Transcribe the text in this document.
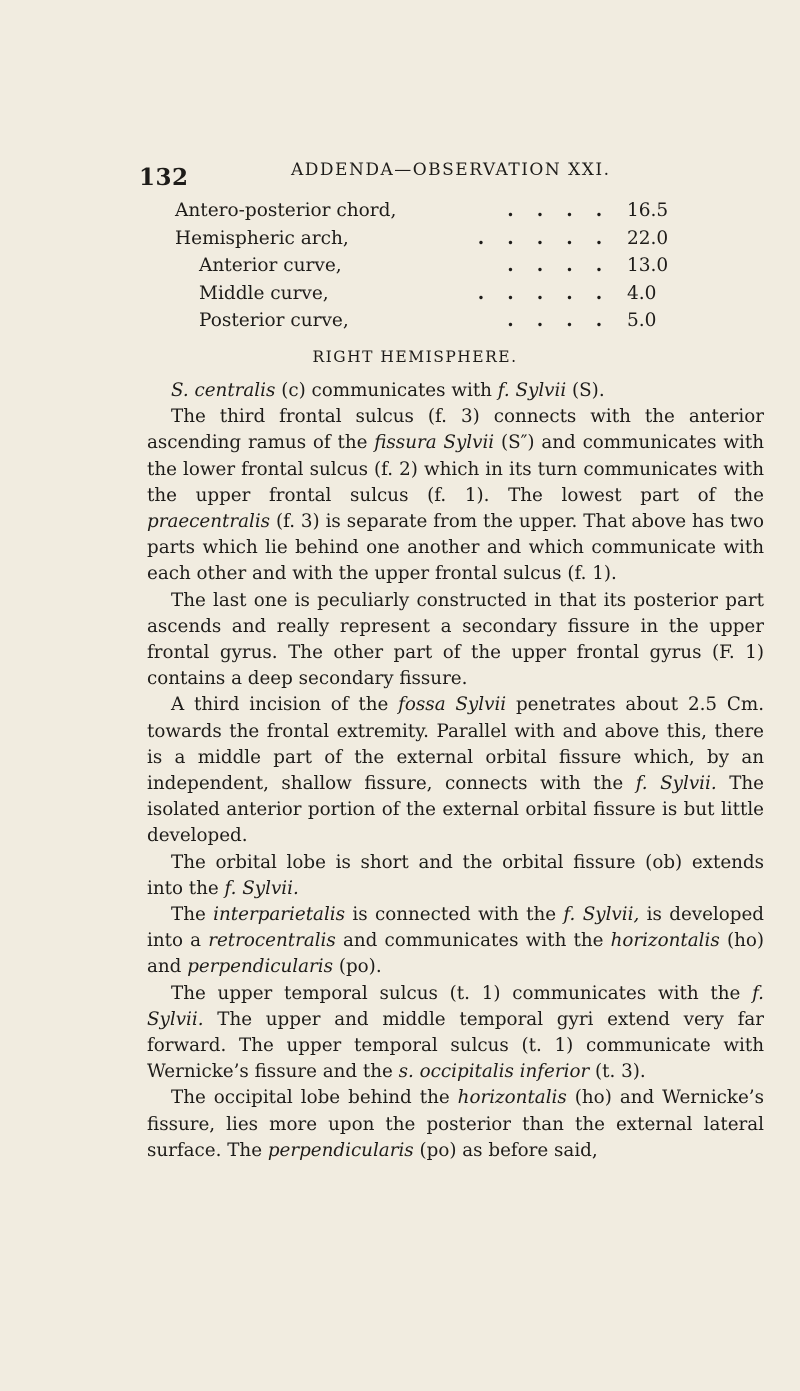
132	ADDENDA—OBSERVATION XXI.
Antero-posterior chord,	.	.	.	.	16.5
Hemispheric arch,	.	.	.	.	.	22.0
Anterior curve,	.	.	.	.	13.0
Middle curve,	.	.	.	.	.	4.0
Posterior curve,	.	.	.	.	5.0
RIGHT HEMISPHERE.

S. centralis (c) communicates with f. Sylvii (S).

The third frontal sulcus (f. 3) connects with the anterior ascending ramus of the fissura Sylvii (S″) and communicates with the lower frontal sulcus (f. 2) which in its turn communicates with the upper frontal sulcus (f. 1). The lowest part of the praecentralis (f. 3) is separate from the upper. That above has two parts which lie behind one another and which communicate with each other and with the upper frontal sulcus (f. 1).

The last one is peculiarly constructed in that its posterior part ascends and really represent a secondary fissure in the upper frontal gyrus. The other part of the upper frontal gyrus (F. 1) contains a deep secondary fissure.

A third incision of the fossa Sylvii penetrates about 2.5 Cm. towards the frontal extremity. Parallel with and above this, there is a middle part of the external orbital fissure which, by an independent, shallow fissure, connects with the f. Sylvii. The isolated anterior portion of the external orbital fissure is but little developed.

The orbital lobe is short and the orbital fissure (ob) extends into the f. Sylvii.

The interparietalis is connected with the f. Sylvii, is developed into a retrocentralis and communicates with the horizontalis (ho) and perpendicularis (po).

The upper temporal sulcus (t. 1) communicates with the f. Sylvii. The upper and middle temporal gyri extend very far forward. The upper temporal sulcus (t. 1) communicate with Wernicke’s fissure and the s. occipitalis inferior (t. 3).

The occipital lobe behind the horizontalis (ho) and Wernicke’s fissure, lies more upon the posterior than the external lateral surface. The perpendicularis (po) as before said,
